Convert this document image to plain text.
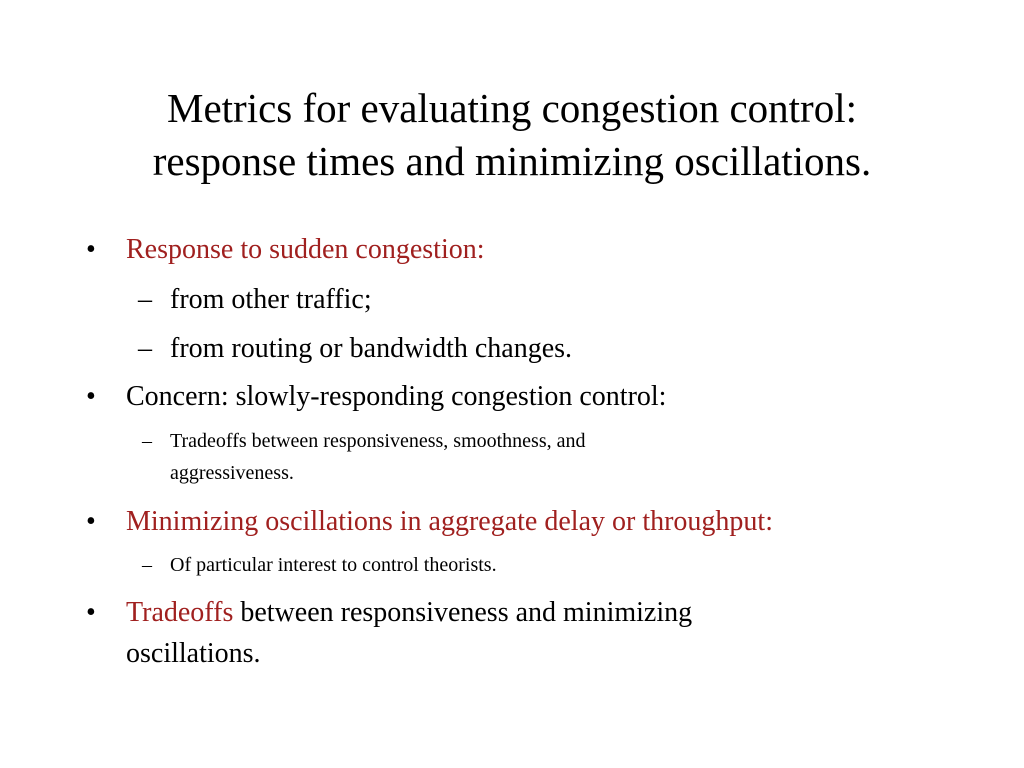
Metrics for evaluating congestion control:
response times and minimizing oscillations.
• Response to sudden congestion:
– from other traffic;
– from routing or bandwidth changes.
• Concern: slowly-responding congestion control:
– Tradeoffs between responsiveness, smoothness, and
aggressiveness.
• Minimizing oscillations in aggregate delay or throughput:
– Of particular interest to control theorists.
• Tradeoffs between responsiveness and minimizing
oscillations.
